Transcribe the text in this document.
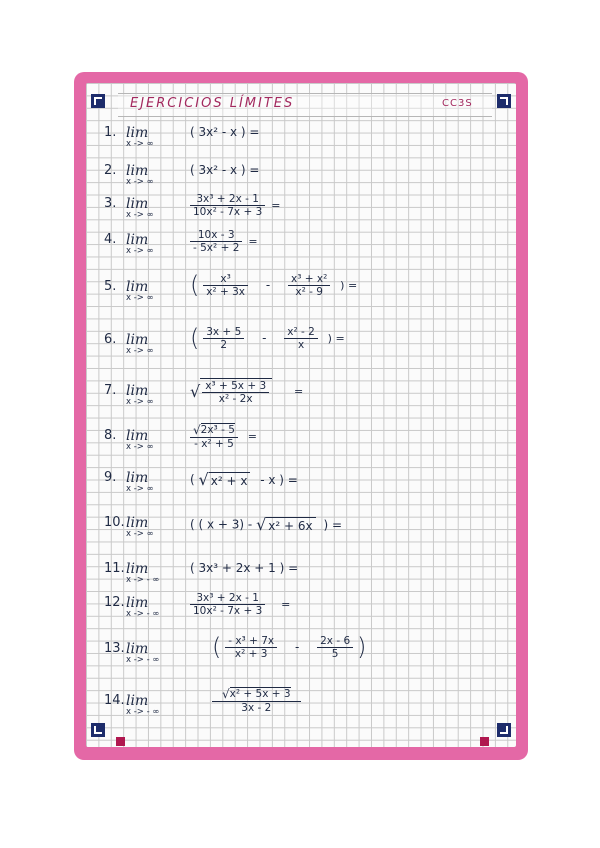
EJERCICIOS LÍMITES	CC3S
1. lim
x -> ∞
( 3x² - x ) =
2. lim
x -> ∞
( 3x² - x ) =
3. lim
x -> ∞	$\frac{\text{3x³ + 2x - 1}}{\text{10x² - 7x + 3}}$ =
4. lim
x -> ∞	$\frac{10x - 3}{\text{- 5x² + 2}}$ =
5. lim
x -> ∞	( $\frac{\text{x³}}{\text{x² + 3x}} - \frac{\text{x³ + x²}}{\text{x² - 9}}$ ) =
6. lim
x -> ∞	( $\frac{3x + 5}{2} - \frac{\text{x² - 2}}{x}$ ) =
7. lim
x -> ∞
√ $\frac{\text{x³ + 5x + 3}}{\text{x² - 2x}}$ =
8. lim
x -> ∞	$\frac{\text{√2x³ - 5}}{\text{- x² + 5}}$ =
9. lim
x -> ∞
( √ x² + x - x ) =
10. lim
x -> ∞
( ( x + 3) - √ x² + 6x ) =
11. lim
x -> - ∞
( 3x³ + 2x + 1 ) =
12. lim
x -> - ∞	$\frac{\text{3x³ + 2x - 1}}{\text{10x² - 7x + 3}}$ =
13. lim
x -> - ∞	( $\frac{\text{- x³ + 7x}}{\text{x² + 3}} - \frac{2x - 6}{5}$ )
14. lim
x -> - ∞	$\frac{\text{√x² + 5x + 3}}{3x - 2}$
